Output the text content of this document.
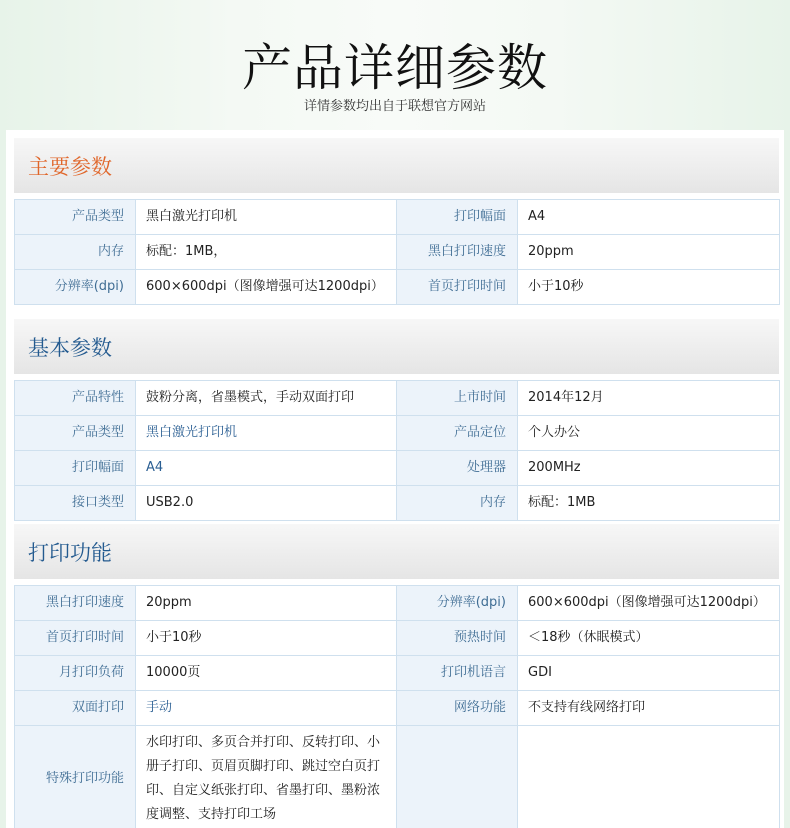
产品详细参数
详情参数均出自于联想官方网站
主要参数
产品类型	黑白激光打印机	打印幅面	A4
内存	标配：1MB，	黑白打印速度	20ppm
分辨率(dpi)	600×600dpi（图像增强可达1200dpi）	首页打印时间	小于10秒
基本参数
产品特性	鼓粉分离，省墨模式，手动双面打印	上市时间	2014年12月
产品类型	黑白激光打印机	产品定位	个人办公
打印幅面	A4	处理器	200MHz
接口类型	USB2.0	内存	标配：1MB
打印功能
黑白打印速度	20ppm	分辨率(dpi)	600×600dpi（图像增强可达1200dpi）
首页打印时间	小于10秒	预热时间	＜18秒（休眠模式）
月打印负荷	10000页	打印机语言	GDI
双面打印	手动	网络功能	不支持有线网络打印
特殊打印功能	水印打印、多页合并打印、反转打印、小册子打印、页眉页脚打印、跳过空白页打印、自定义纸张打印、省墨打印、墨粉浓度调整、支持打印工场		
